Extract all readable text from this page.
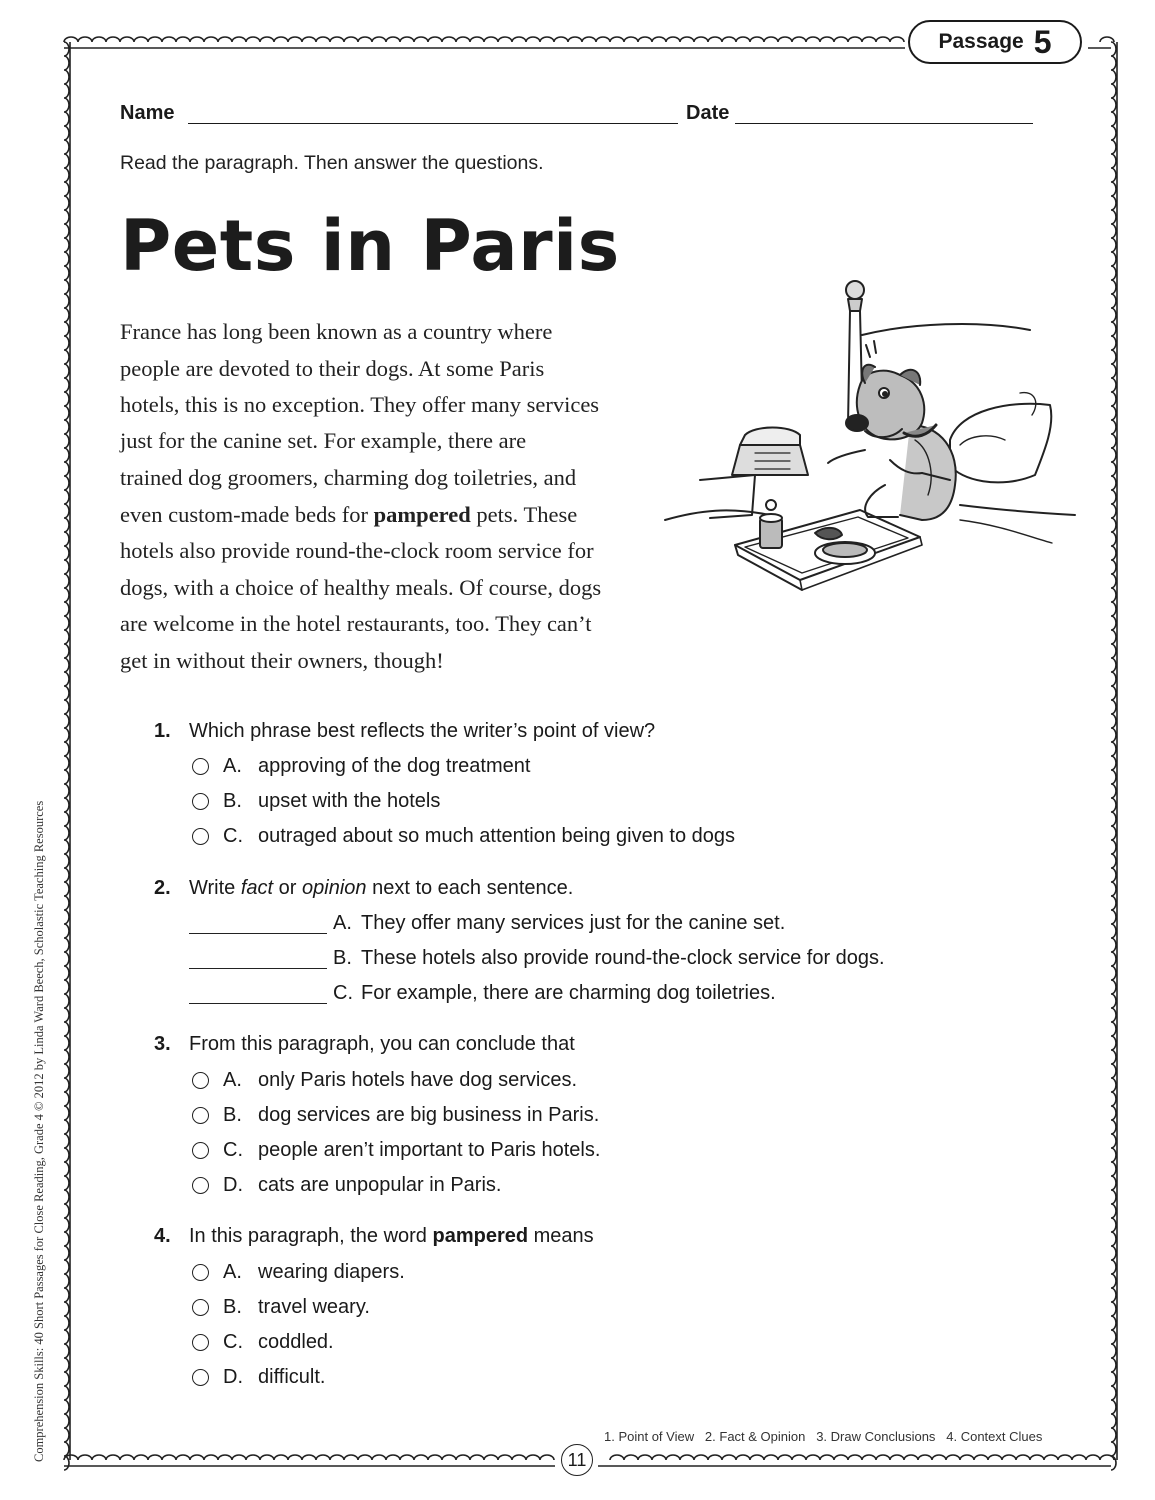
Passage 5
Name	Date
Read the paragraph. Then answer the questions.
Pets in Paris
France has long been known as a country where
people are devoted to their dogs. At some Paris
hotels, this is no exception. They offer many services
just for the canine set. For example, there are
trained dog groomers, charming dog toiletries, and
even custom-made beds for pampered pets. These
hotels also provide round-the-clock room service for
dogs, with a choice of healthy meals. Of course, dogs
are welcome in the hotel restaurants, too. They can’t
get in without their owners, though!
1. Which phrase best reflects the writer’s point of view?
A. approving of the dog treatment
B. upset with the hotels
C. outraged about so much attention being given to dogs
2. Write fact or opinion next to each sentence.
A. They offer many services just for the canine set.
B. These hotels also provide round-the-clock service for dogs.
C. For example, there are charming dog toiletries.
3. From this paragraph, you can conclude that
A. only Paris hotels have dog services.
B. dog services are big business in Paris.
C. people aren’t important to Paris hotels.
D. cats are unpopular in Paris.
4. In this paragraph, the word pampered means
A. wearing diapers.
B. travel weary.
C. coddled.
D. difficult.
1. Point of View   2. Fact & Opinion   3. Draw Conclusions   4. Context Clues
11
Comprehension Skills: 40 Short Passages for Close Reading, Grade 4 © 2012 by Linda Ward Beech, Scholastic Teaching Resources
